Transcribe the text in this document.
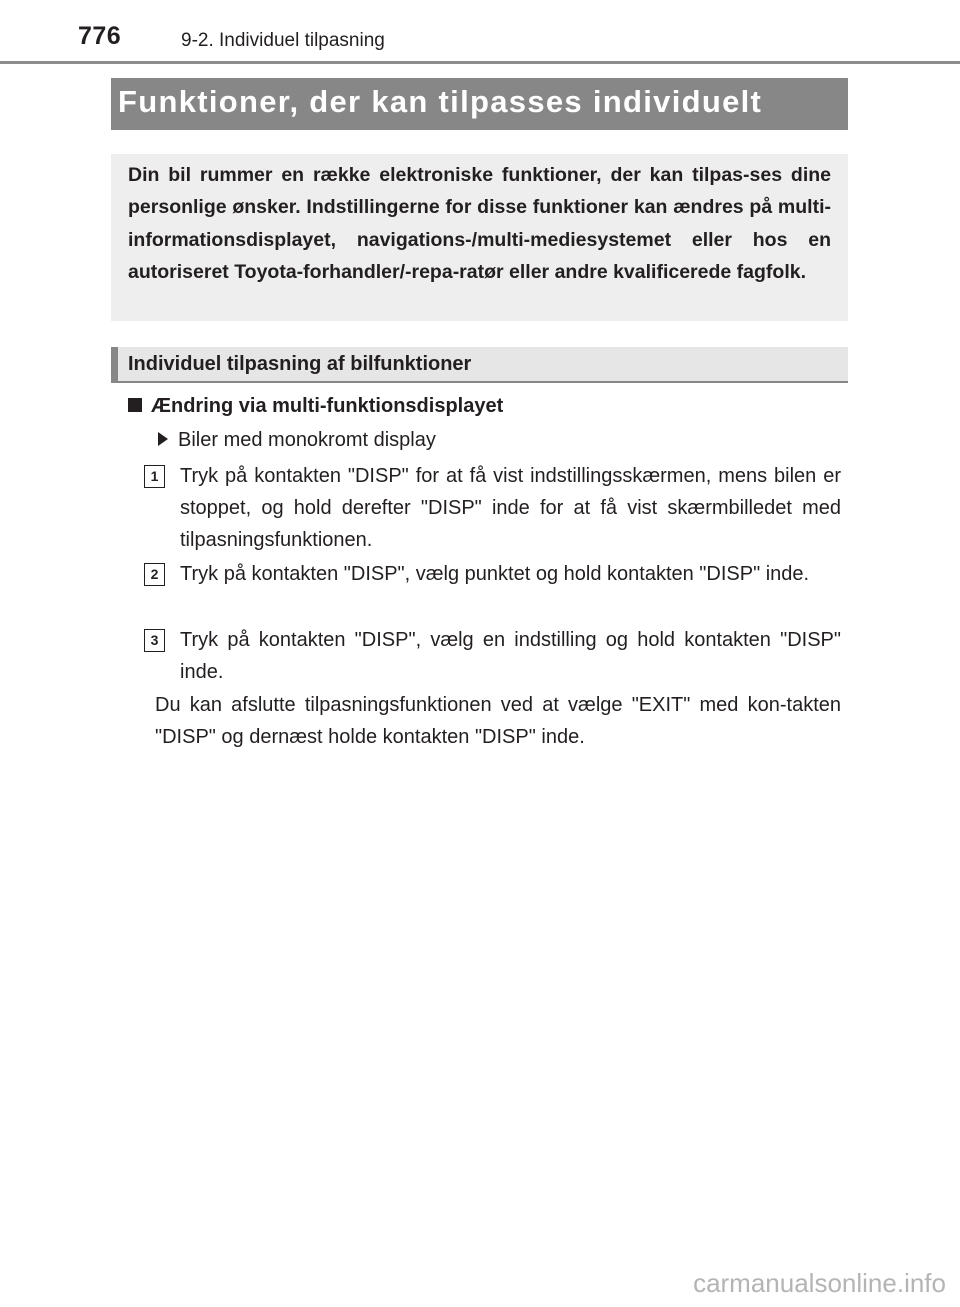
776	9-2. Individuel tilpasning
Funktioner, der kan tilpasses individuelt

Din bil rummer en række elektroniske funktioner, der kan tilpas-ses dine personlige ønsker. Indstillingerne for disse funktioner kan ændres på multi-informationsdisplayet, navigations-/multi-mediesystemet eller hos en autoriseret Toyota-forhandler/-repa-ratør eller andre kvalificerede fagfolk.

Individuel tilpasning af bilfunktioner
Ændring via multi-funktionsdisplayet
Biler med monokromt display
1	Tryk på kontakten "DISP" for at få vist indstillingsskærmen, mens bilen er stoppet, og hold derefter "DISP" inde for at få vist skærmbilledet med tilpasningsfunktionen.

2	Tryk på kontakten "DISP", vælg punktet og hold kontakten "DISP" inde.

3	Tryk på kontakten "DISP", vælg en indstilling og hold kontakten "DISP" inde.

Du kan afslutte tilpasningsfunktionen ved at vælge "EXIT" med kon-takten "DISP" og dernæst holde kontakten "DISP" inde.

carmanualsonline.info
